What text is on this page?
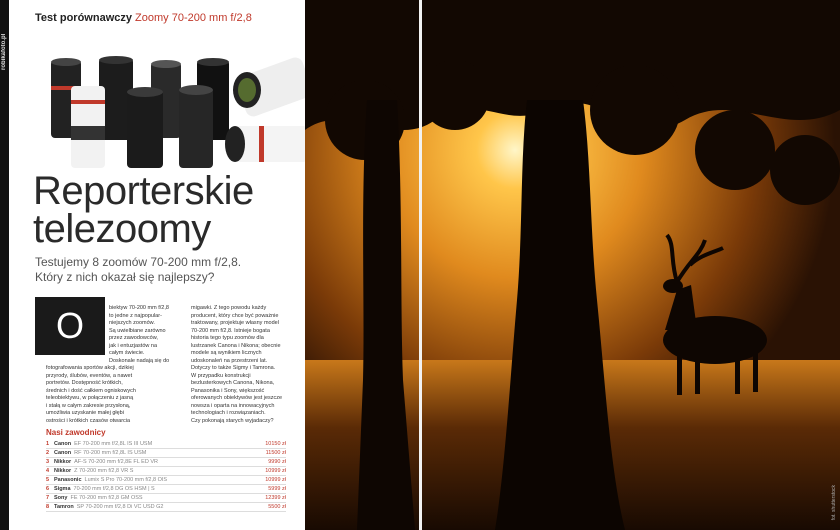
robikafoto.pl
Test porównawczy Zoomy 70-200 mm f/2,8
Reporterskie
telezoomy
Testujemy 8 zoomów 70-200 mm f/2,8.
Który z nich okazał się najlepszy?
O	biektyw 70-200 mm f/2,8

to jedne z najpopular-

niejszych zoomów.

Są uwielbiane zarówno

przez zawodowców,

jak i entuzjastów na

całym świecie.

Doskonale nadają się do

fotografowania sportów akcji, dzikiej

przyrody, ślubów, eventów, a nawet

portretów. Dostępność krótkich,

średnich i dość całkiem ogniskowych

teleobiektywu, w połączeniu z jasną

i stałą w całym zakresie przysłoną,

umożliwia uzyskanie małej głębi

ostrości i krótkich czasów otwarcia

migawki. Z tego powodu każdy

producent, który chce być poważnie

traktowany, projektuje własny model

70-200 mm f/2,8. Istnieje bogata

historia tego typu zoomów dla

lustrzanek Canona i Nikona; obecnie

modele są wynikiem licznych

udoskonaleń na przestrzeni lat.

Dotyczy to także Sigmy i Tamrona.

W przypadku konstrukcji

bezlusterkowych Canona, Nikona,

Panasonika i Sony, większość

oferowanych obiektywów jest jeszcze

nowsza i oparta na innowacyjnych

technologiach i rozwiązaniach.

Czy pokonają starych wyjadaczy?

Nasi zawodnicy
1 Canon EF 70-200 mm f/2,8L IS III USM	10150 zł
2 Canon RF 70-200 mm f/2,8L IS USM	11500 zł
3 Nikkor AF-S 70-200 mm f/2,8E FL ED VR	9990 zł
4 Nikkor Z 70-200 mm f/2,8 VR S	10999 zł
5 Panasonic Lumix S Pro 70-200 mm f/2,8 OIS	10999 zł
6 Sigma 70-200 mm f/2,8 DG OS HSM | S	5999 zł
7 Sony FE 70-200 mm f/2,8 GM OSS	12399 zł
8 Tamron SP 70-200 mm f/2,8 Di VC USD G2	5500 zł	fot. shutterstock
